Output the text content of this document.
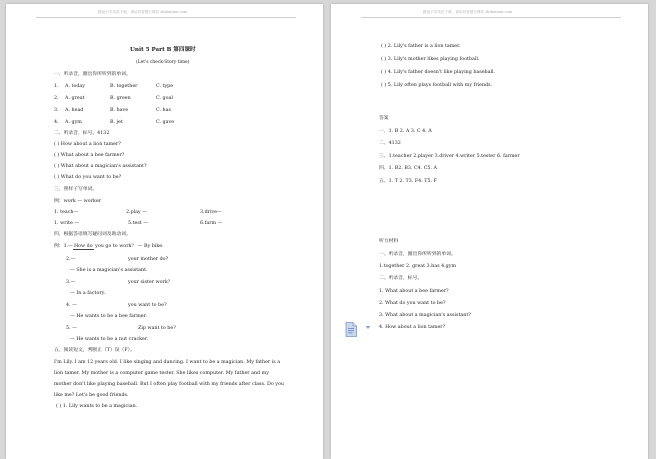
精品小学英语下载，请访问智慧天网站 zhihuitian.com
Unit 5 Part B 第四课时
(Let's check-Story time)
一、听录音，圈出你所听到的单词。
1. A. today	B. together	C. type
2. A. great	B. green	C. goal
3. A. head	B. have	C. has
4. A. gym	B. jet	C. gave
二、听录音，标号。4132
( ) How about a lion tamer?
( ) What about a bee farmer?
( ) What about a magician's assistant?
( ) What do you want to be?
三、照样子写单词。
例：work — worker
1. teach—	2.play —	3.drive—
1. write —	5.test —	6.farm —
四、根据答语填写疑问词及助动词。
例：1.—How do you go to work？ — By bike.
2.—	your mother do?
— She is a magician's assistant.
3.—	your sister work？
— In a factory.
4. —	you want to be?
— He wants to be a bee farmer.
5. —	Zip want to be?
— He wants to be a nut cracker.
五、阅读短文，判断正（T）误（F）。
I'm Lily. I am 12 years old. I like singing and dancing. I want to be a magician. My father is a lion tamer. My mother is a computer game tester. She likes computer. My father and my mother don't like playing baseball. But I often play football with my friends after class. Do you like me? Let's be good friends.
( ) 1. Lily wants to be a magician.
精品小学英语下载，请访问智慧天网站 zhihuitian.com
( ) 2. Lily's father is a lion tamer.
( ) 3. Lily's mother likes playing football.
( ) 4. Lily's father doesn't like playing baseball.
( ) 5. Lily often plays football with my friends.
答案
一、1. B 2. A 3. C 4. A
二、4132
三、1.teacher 2.player 3.driver 4.writer 5.tester 6. farmer
四、1. B2. B3. C4. C5. A
五、1. T 2. T3. F4. T5. F
听力材料
一、听录音，圈出你所听到的单词。
1.together 2. great 3.has 4.gym
二、听录音，标号。
1. What about a bee farmer?
2. What do you want to be?
3. What about a magician's assistant?
4. How about a lion tamer?
